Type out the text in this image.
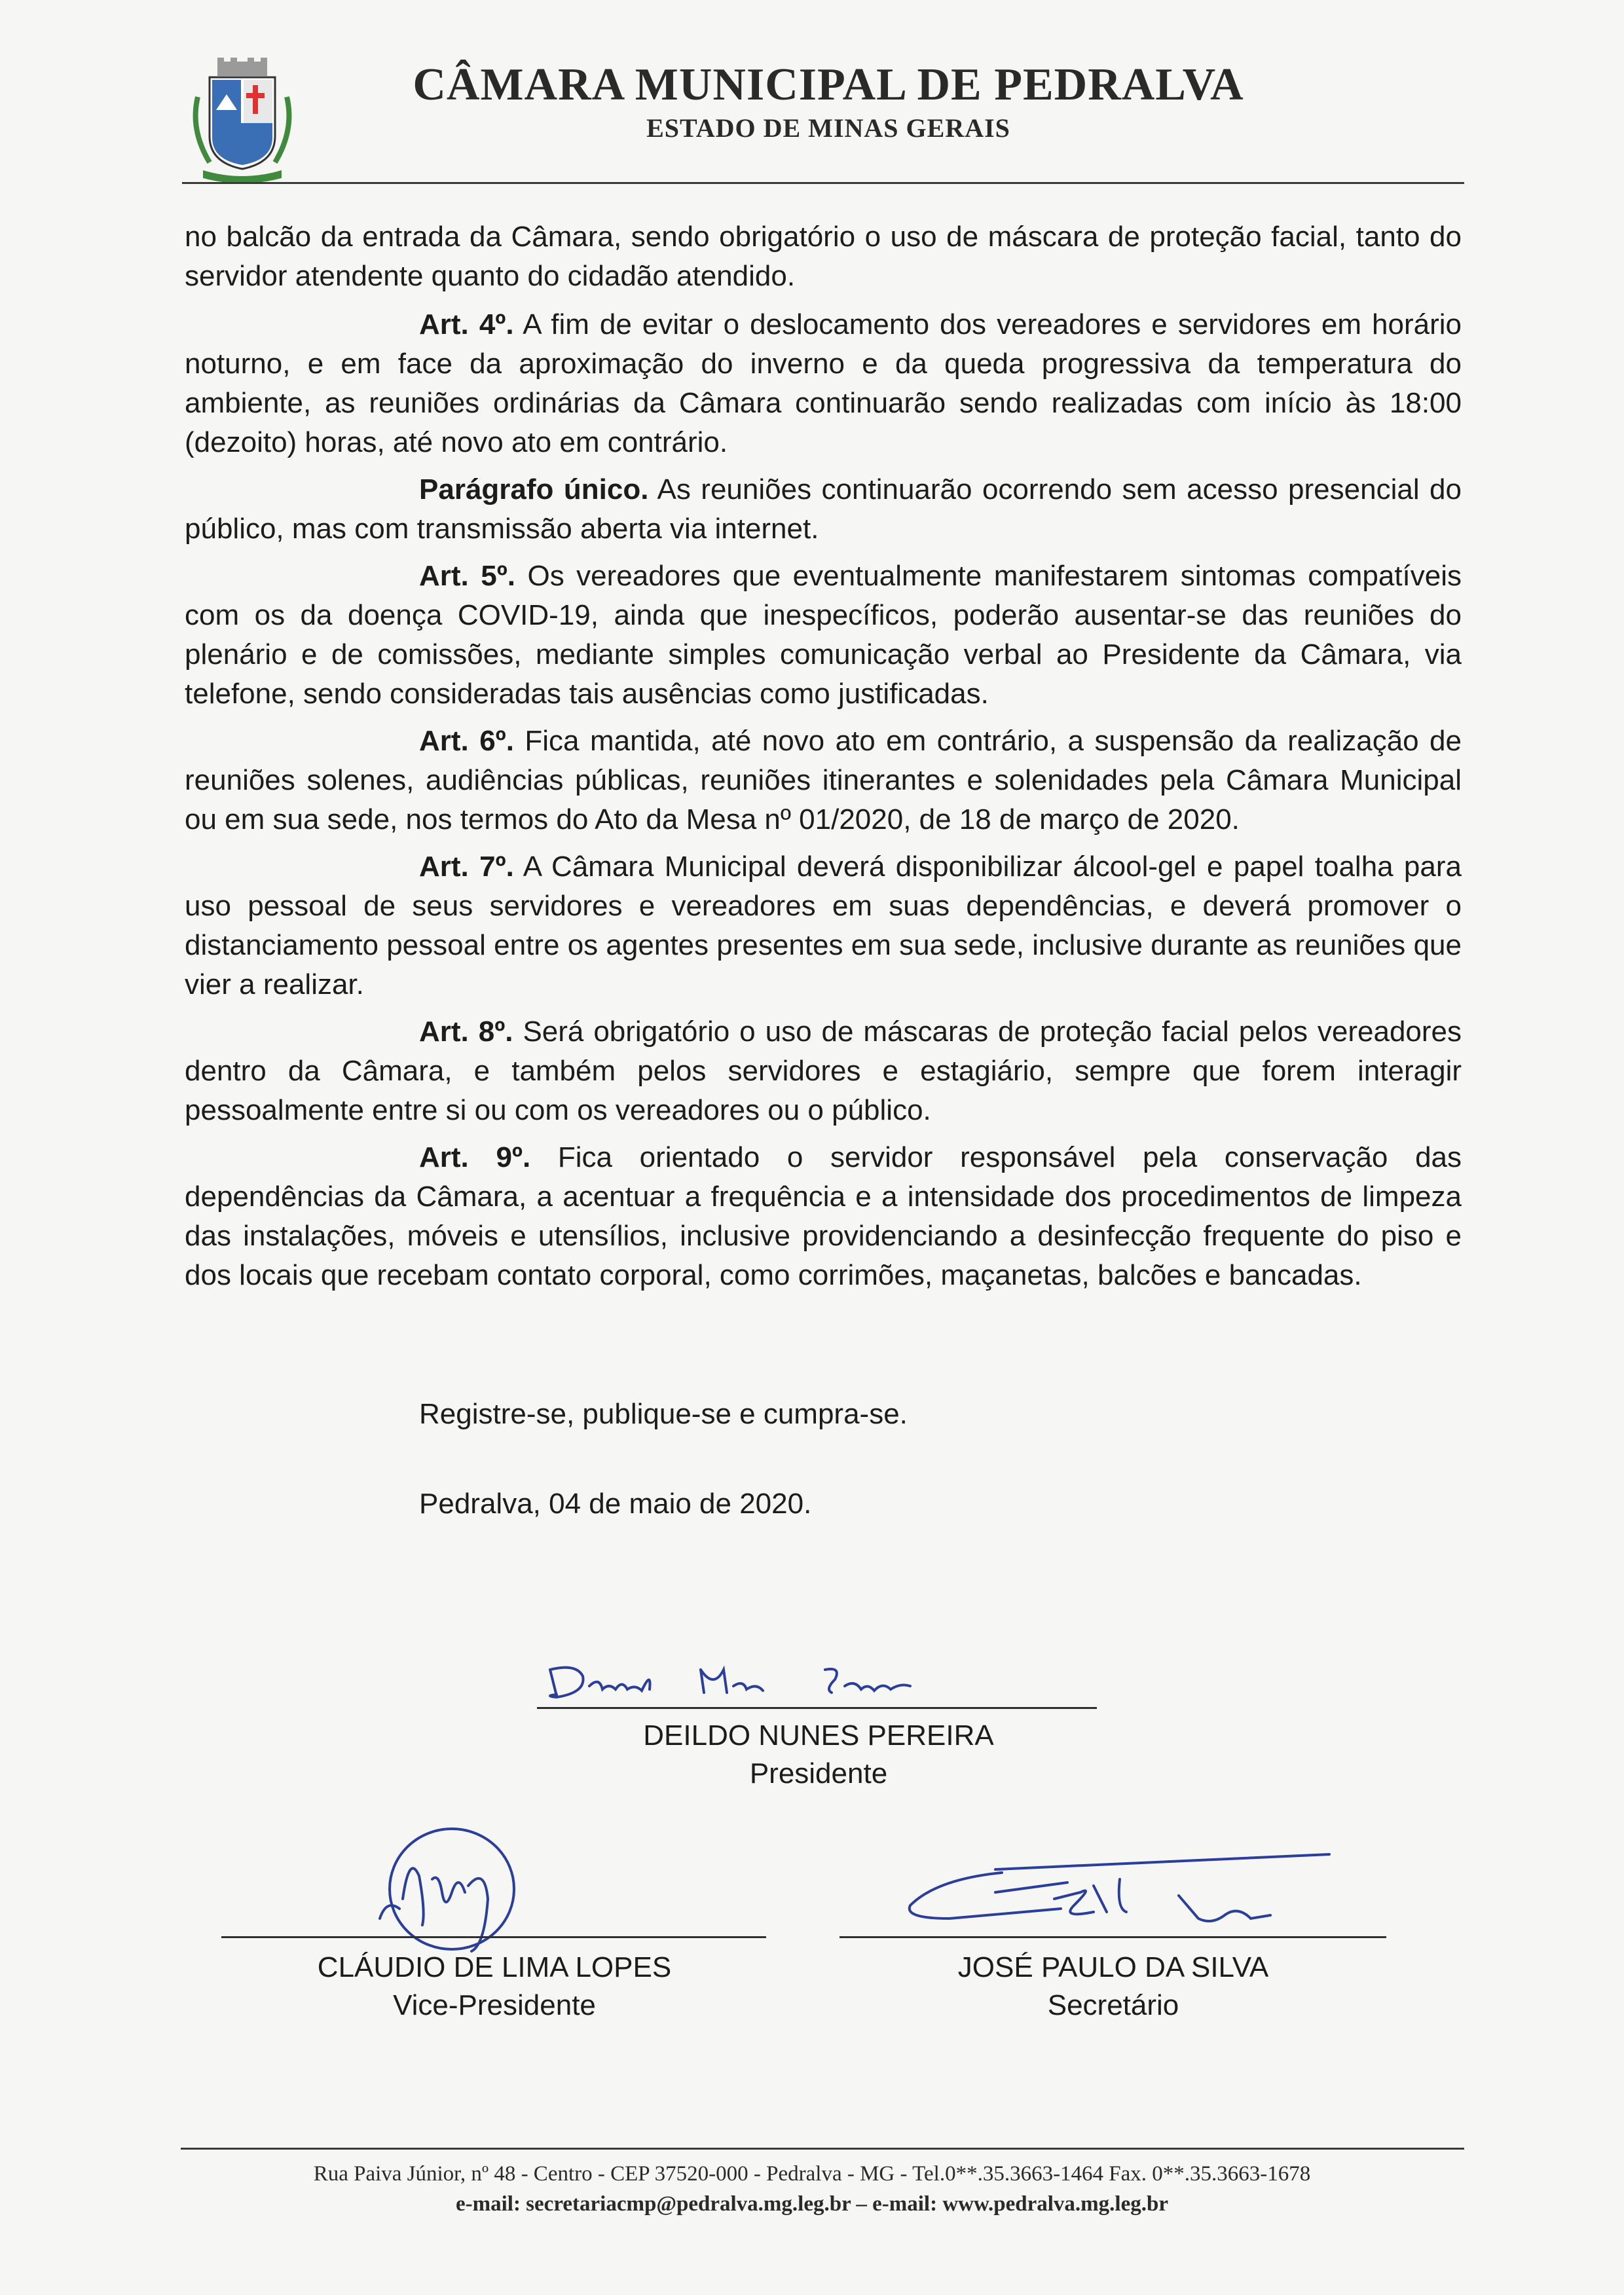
CÂMARA MUNICIPAL DE PEDRALVA
ESTADO DE MINAS GERAIS

no balcão da entrada da Câmara, sendo obrigatório o uso de máscara de proteção facial, tanto do servidor atendente quanto do cidadão atendido.

Art. 4º. A fim de evitar o deslocamento dos vereadores e servidores em horário noturno, e em face da aproximação do inverno e da queda progressiva da temperatura do ambiente, as reuniões ordinárias da Câmara continuarão sendo realizadas com início às 18:00 (dezoito) horas, até novo ato em contrário.

Parágrafo único. As reuniões continuarão ocorrendo sem acesso presencial do público, mas com transmissão aberta via internet.

Art. 5º. Os vereadores que eventualmente manifestarem sintomas compatíveis com os da doença COVID-19, ainda que inespecíficos, poderão ausentar-se das reuniões do plenário e de comissões, mediante simples comunicação verbal ao Presidente da Câmara, via telefone, sendo consideradas tais ausências como justificadas.

Art. 6º. Fica mantida, até novo ato em contrário, a suspensão da realização de reuniões solenes, audiências públicas, reuniões itinerantes e solenidades pela Câmara Municipal ou em sua sede, nos termos do Ato da Mesa nº 01/2020, de 18 de março de 2020.

Art. 7º. A Câmara Municipal deverá disponibilizar álcool-gel e papel toalha para uso pessoal de seus servidores e vereadores em suas dependências, e deverá promover o distanciamento pessoal entre os agentes presentes em sua sede, inclusive durante as reuniões que vier a realizar.

Art. 8º. Será obrigatório o uso de máscaras de proteção facial pelos vereadores dentro da Câmara, e também pelos servidores e estagiário, sempre que forem interagir pessoalmente entre si ou com os vereadores ou o público.

Art. 9º. Fica orientado o servidor responsável pela conservação das dependências da Câmara, a acentuar a frequência e a intensidade dos procedimentos de limpeza das instalações, móveis e utensílios, inclusive providenciando a desinfecção frequente do piso e dos locais que recebam contato corporal, como corrimões, maçanetas, balcões e bancadas.

Registre-se, publique-se e cumpra-se.
Pedralva, 04 de maio de 2020.
DEILDO NUNES PEREIRA
Presidente
CLÁUDIO DE LIMA LOPES
Vice-Presidente
JOSÉ PAULO DA SILVA
Secretário
Rua Paiva Júnior, nº 48 - Centro - CEP 37520-000 - Pedralva - MG - Tel.0**.35.3663-1464 Fax. 0**.35.3663-1678
e-mail: secretariacmp@pedralva.mg.leg.br – e-mail: www.pedralva.mg.leg.br
